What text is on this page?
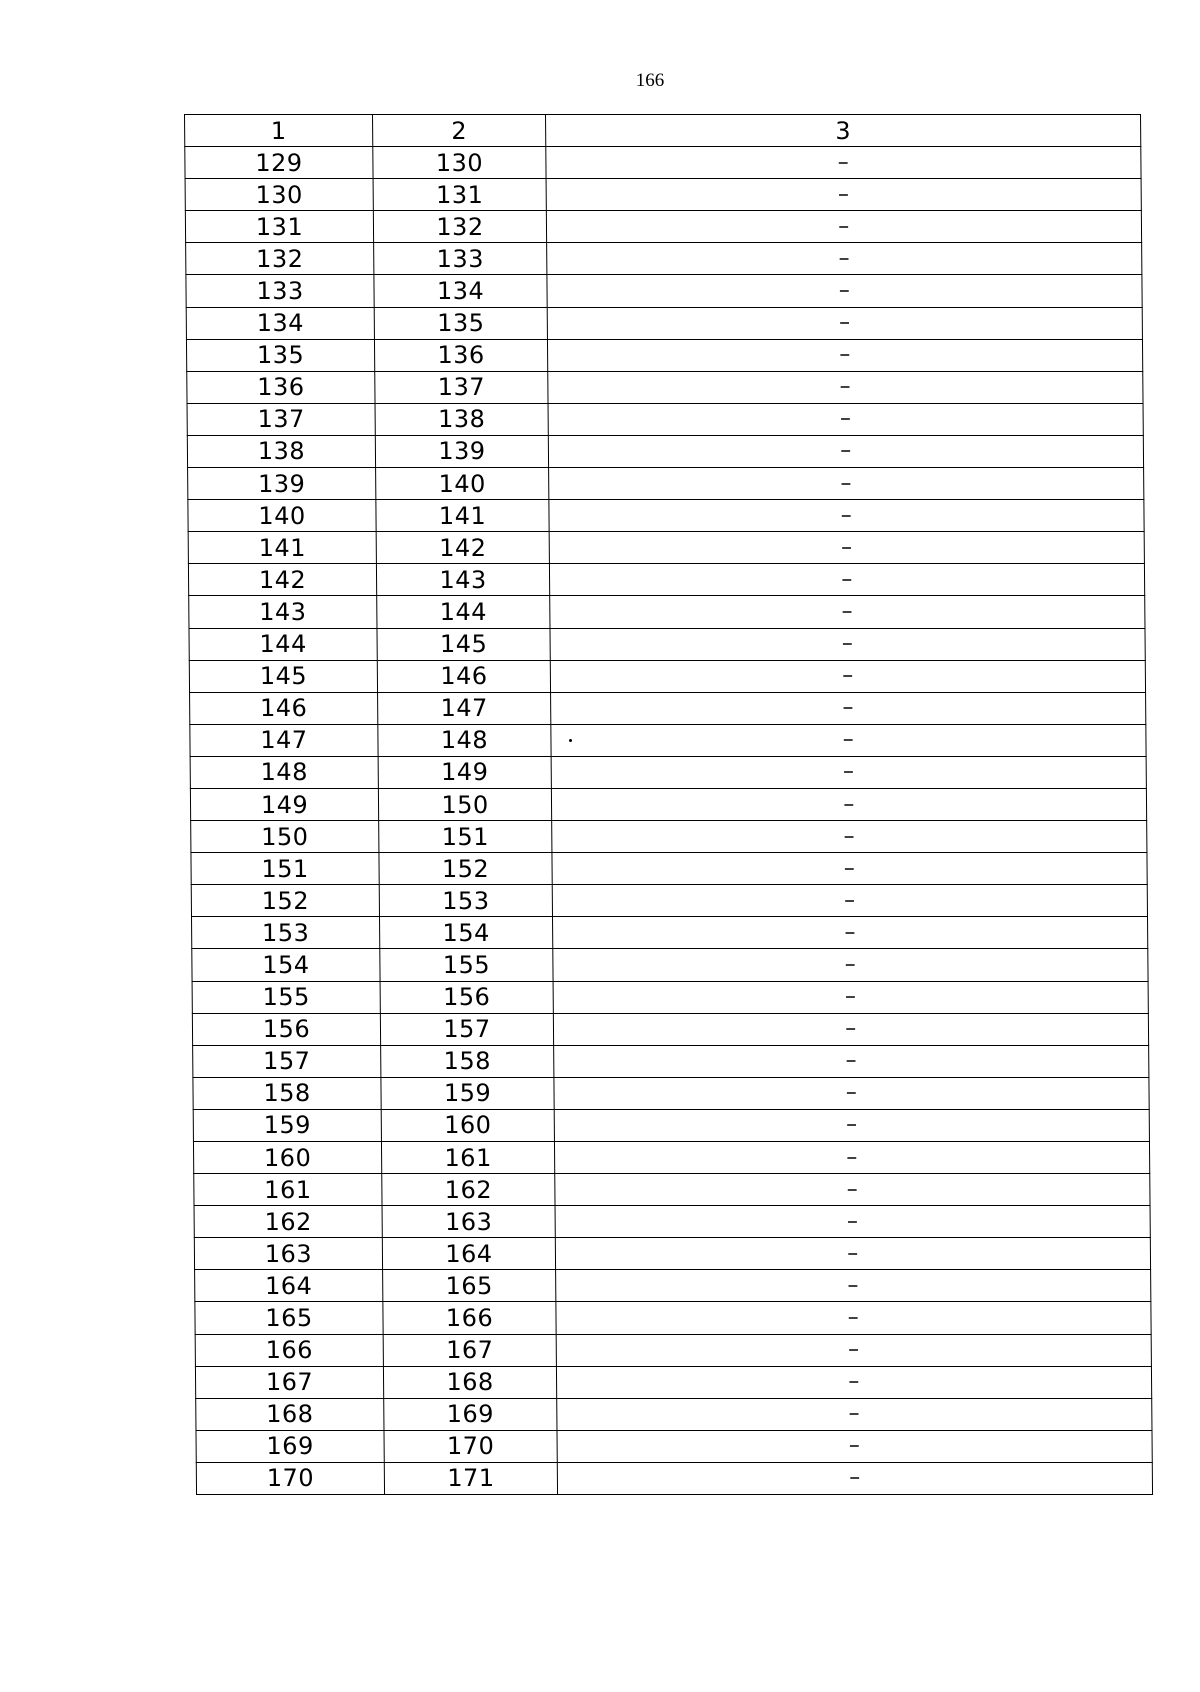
166
1	2	3
129	130	–
130	131	–
131	132	–
132	133	–
133	134	–
134	135	–
135	136	–
136	137	–
137	138	–
138	139	–
139	140	–
140	141	–
141	142	–
142	143	–
143	144	–
144	145	–
145	146	–
146	147	–
147	148	–
148	149	–
149	150	–
150	151	–
151	152	–
152	153	–
153	154	–
154	155	–
155	156	–
156	157	–
157	158	–
158	159	–
159	160	–
160	161	–
161	162	–
162	163	–
163	164	–
164	165	–
165	166	–
166	167	–
167	168	–
168	169	–
169	170	–
170	171	–
